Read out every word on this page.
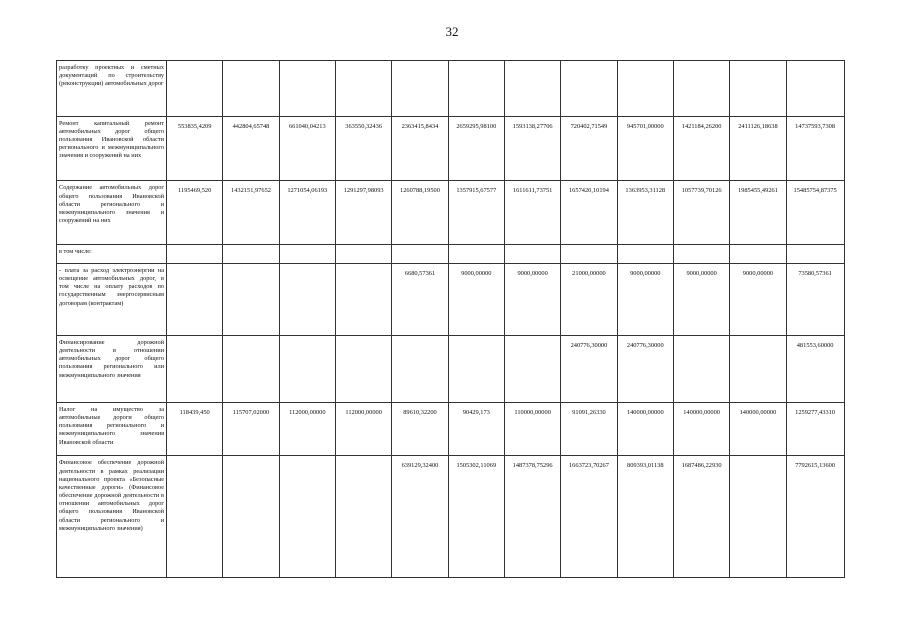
32
разработку проектных и сметных документаций по строительству (реконструкции) автомобильных дорог												
Ремонт капитальный ремонт автомобильных дорог общего пользования Ивановской области регионального и межмуниципального значения и сооружений на них	553835,4209	442804,65748	661040,04213	363550,32436	2363415,8434	2659295,98100	1593138,27706	720402,71549	945701,00000	1421184,26200	2411126,18638	14737593,7308
Содержание автомобильных дорог общего пользования Ивановской области регионального и межмуниципального значения и сооружений на них	1195469,520	1432151,97652	1271054,06193	1291297,98093	1260788,19500	1357915,67577	1611611,73751	1657420,10194	1363953,31128	1057739,70126	1985455,49261	15485754,87375
в том числе:												
- плата за расход электроэнергии на освещение автомобильных дорог, в том числе на оплату расходов по государственным энергосервисным договорам (контрактам)					6680,57361	9000,00000	9000,00000	21000,00000	9000,00000	9000,00000	9000,00000	73580,57361
Финансирование дорожной деятельности в отношении автомобильных дорог общего пользования регионального или межмуниципального значения								240776,30000	240776,30000			481553,60000
Налог на имущество за автомобильные дороги общего пользования регионального и межмуниципального значения Ивановской области	118439,450	115707,02000	112000,00000	112000,00000	89610,32200	90429,173	110000,00000	91091,26330	140000,00000	140000,00000	140000,00000	1259277,43310
Финансовое обеспечение дорожной деятельности в рамках реализации национального проекта «Безопасные качественные дороги» (Финансовое обеспечение дорожной деятельности в отношении автомобильных дорог общего пользования Ивановской области регионального и межмуниципального значения)					639129,32400	1505302,11069	1487378,75296	1663723,70267	809393,01138	1687486,22930		7792615,13600
